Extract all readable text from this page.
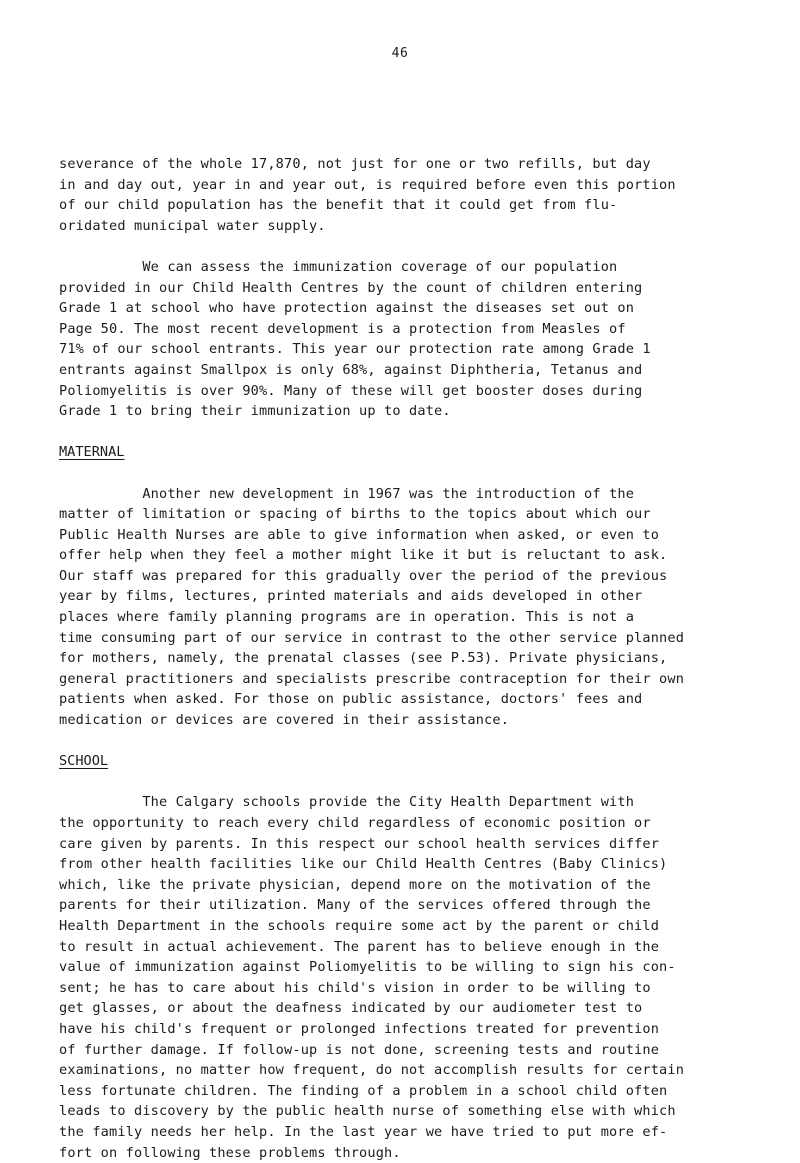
46
severance of the whole 17,870, not just for one or two refills, but day
in and day out, year in and year out, is required before even this portion
of our child population has the benefit that it could get from flu-
oridated municipal water supply.
We can assess the immunization coverage of our population
provided in our Child Health Centres by the count of children entering
Grade 1 at school who have protection against the diseases set out on
Page 50. The most recent development is a protection from Measles of
71% of our school entrants. This year our protection rate among Grade 1
entrants against Smallpox is only 68%, against Diphtheria, Tetanus and
Poliomyelitis is over 90%. Many of these will get booster doses during
Grade 1 to bring their immunization up to date.
MATERNAL
Another new development in 1967 was the introduction of the
matter of limitation or spacing of births to the topics about which our
Public Health Nurses are able to give information when asked, or even to
offer help when they feel a mother might like it but is reluctant to ask.
Our staff was prepared for this gradually over the period of the previous
year by films, lectures, printed materials and aids developed in other
places where family planning programs are in operation. This is not a
time consuming part of our service in contrast to the other service planned
for mothers, namely, the prenatal classes (see P.53). Private physicians,
general practitioners and specialists prescribe contraception for their own
patients when asked. For those on public assistance, doctors' fees and
medication or devices are covered in their assistance.
SCHOOL
The Calgary schools provide the City Health Department with
the opportunity to reach every child regardless of economic position or
care given by parents. In this respect our school health services differ
from other health facilities like our Child Health Centres (Baby Clinics)
which, like the private physician, depend more on the motivation of the
parents for their utilization. Many of the services offered through the
Health Department in the schools require some act by the parent or child
to result in actual achievement. The parent has to believe enough in the
value of immunization against Poliomyelitis to be willing to sign his con-
sent; he has to care about his child's vision in order to be willing to
get glasses, or about the deafness indicated by our audiometer test to
have his child's frequent or prolonged infections treated for prevention
of further damage. If follow-up is not done, screening tests and routine
examinations, no matter how frequent, do not accomplish results for certain
less fortunate children. The finding of a problem in a school child often
leads to discovery by the public health nurse of something else with which
the family needs her help. In the last year we have tried to put more ef-
fort on following these problems through.
